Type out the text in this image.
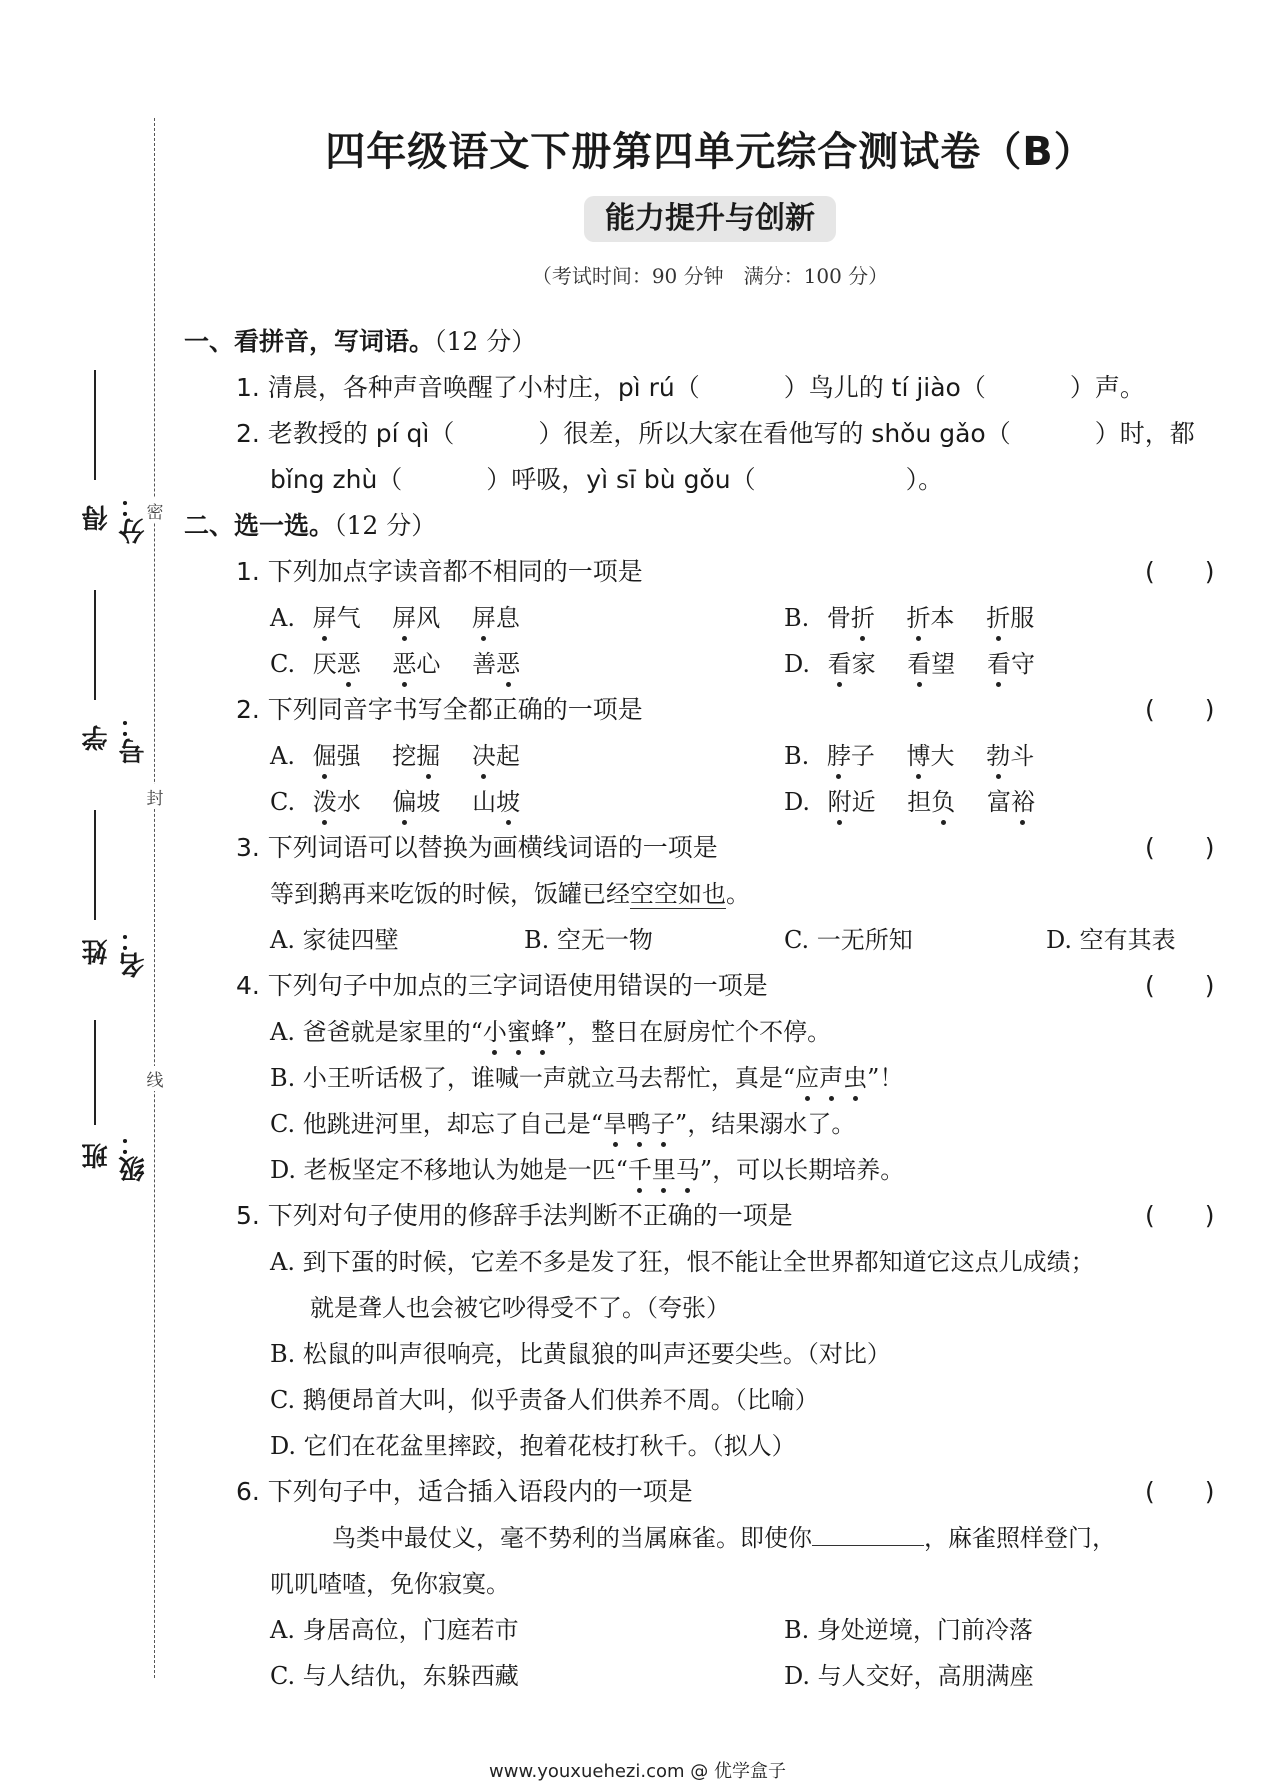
密
封
线
得分：
学号：
姓名：
班级：
四年级语文下册第四单元综合测试卷（B）
能力提升与创新
（考试时间：90 分钟　满分：100 分）
一、看拼音，写词语。（12 分）
1. 清晨，各种声音唤醒了小村庄，pì rú（	）鸟儿的 tí jiào（	）声。
2. 老教授的 pí qì（	）很差，所以大家在看他写的 shǒu gǎo（	）时，都
bǐng zhù（	）呼吸，yì sī bù gǒu（	）。
二、选一选。（12 分）
1. 下列加点字读音都不相同的一项是	(　　)
A. 屏气 屏风 屏息	B. 骨折 折本 折服
C. 厌恶 恶心 善恶	D. 看家 看望 看守
2. 下列同音字书写全都正确的一项是	(　　)
A. 倔强 挖掘 决起	B. 脖子 博大 勃斗
C. 泼水 偏坡 山坡	D. 附近 担负 富裕
3. 下列词语可以替换为画横线词语的一项是	(　　)
等到鹅再来吃饭的时候，饭罐已经空空如也。
A. 家徒四壁	B. 空无一物	C. 一无所知	D. 空有其表
4. 下列句子中加点的三字词语使用错误的一项是	(　　)
A. 爸爸就是家里的“小蜜蜂”，整日在厨房忙个不停。
B. 小王听话极了，谁喊一声就立马去帮忙，真是“应声虫”！
C. 他跳进河里，却忘了自己是“旱鸭子”，结果溺水了。
D. 老板坚定不移地认为她是一匹“千里马”，可以长期培养。
5. 下列对句子使用的修辞手法判断不正确的一项是	(　　)
A. 到下蛋的时候，它差不多是发了狂，恨不能让全世界都知道它这点儿成绩；
就是聋人也会被它吵得受不了。（夸张）
B. 松鼠的叫声很响亮，比黄鼠狼的叫声还要尖些。（对比）
C. 鹅便昂首大叫，似乎责备人们供养不周。（比喻）
D. 它们在花盆里摔跤，抱着花枝打秋千。（拟人）
6. 下列句子中，适合插入语段内的一项是	(　　)
鸟类中最仗义，毫不势利的当属麻雀。即使你	，麻雀照样登门，
叽叽喳喳，免你寂寞。
A. 身居高位，门庭若市	B. 身处逆境，门前冷落
C. 与人结仇，东躲西藏	D. 与人交好，高朋满座
www.youxuehezi.com @ 优学盒子
